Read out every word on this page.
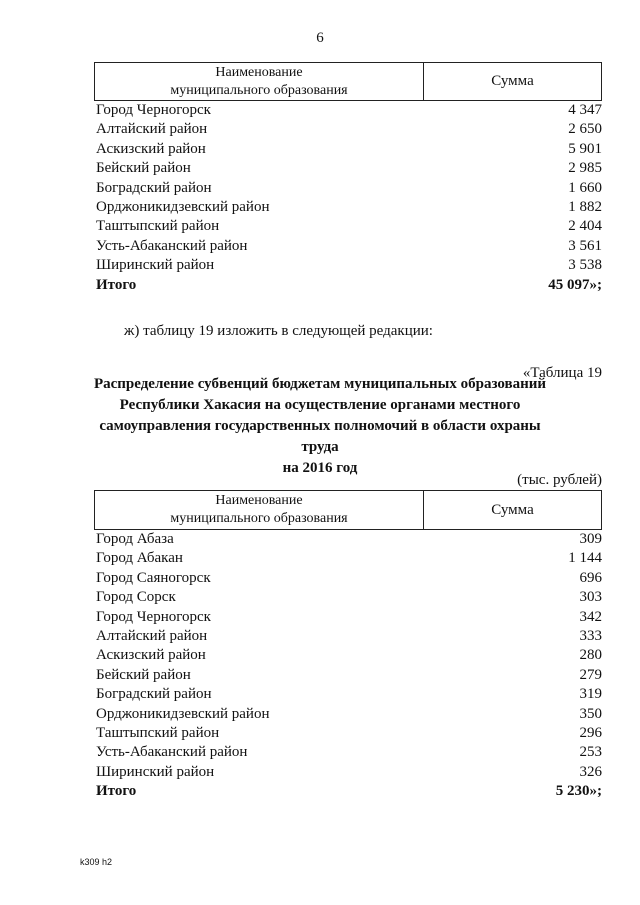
6
Наименование
муниципального образования
Сумма
Город Черногорск	4 347
Алтайский район	2 650
Аскизский район	5 901
Бейский район	2 985
Боградский район	1 660
Орджоникидзевский район	1 882
Таштыпский район	2 404
Усть-Абаканский район	3 561
Ширинский район	3 538
Итого	45 097»;
ж) таблицу 19 изложить в следующей редакции:
«Таблица 19
Распределение субвенций бюджетам муниципальных образований
Республики Хакасия на осуществление органами местного
самоуправления государственных полномочий в области охраны труда
на 2016 год
(тыс. рублей)
Наименование
муниципального образования
Сумма
Город Абаза	309
Город Абакан	1 144
Город Саяногорск	696
Город Сорск	303
Город Черногорск	342
Алтайский район	333
Аскизский район	280
Бейский район	279
Боградский район	319
Орджоникидзевский район	350
Таштыпский район	296
Усть-Абаканский район	253
Ширинский район	326
Итого	5 230»;
k309 h2
